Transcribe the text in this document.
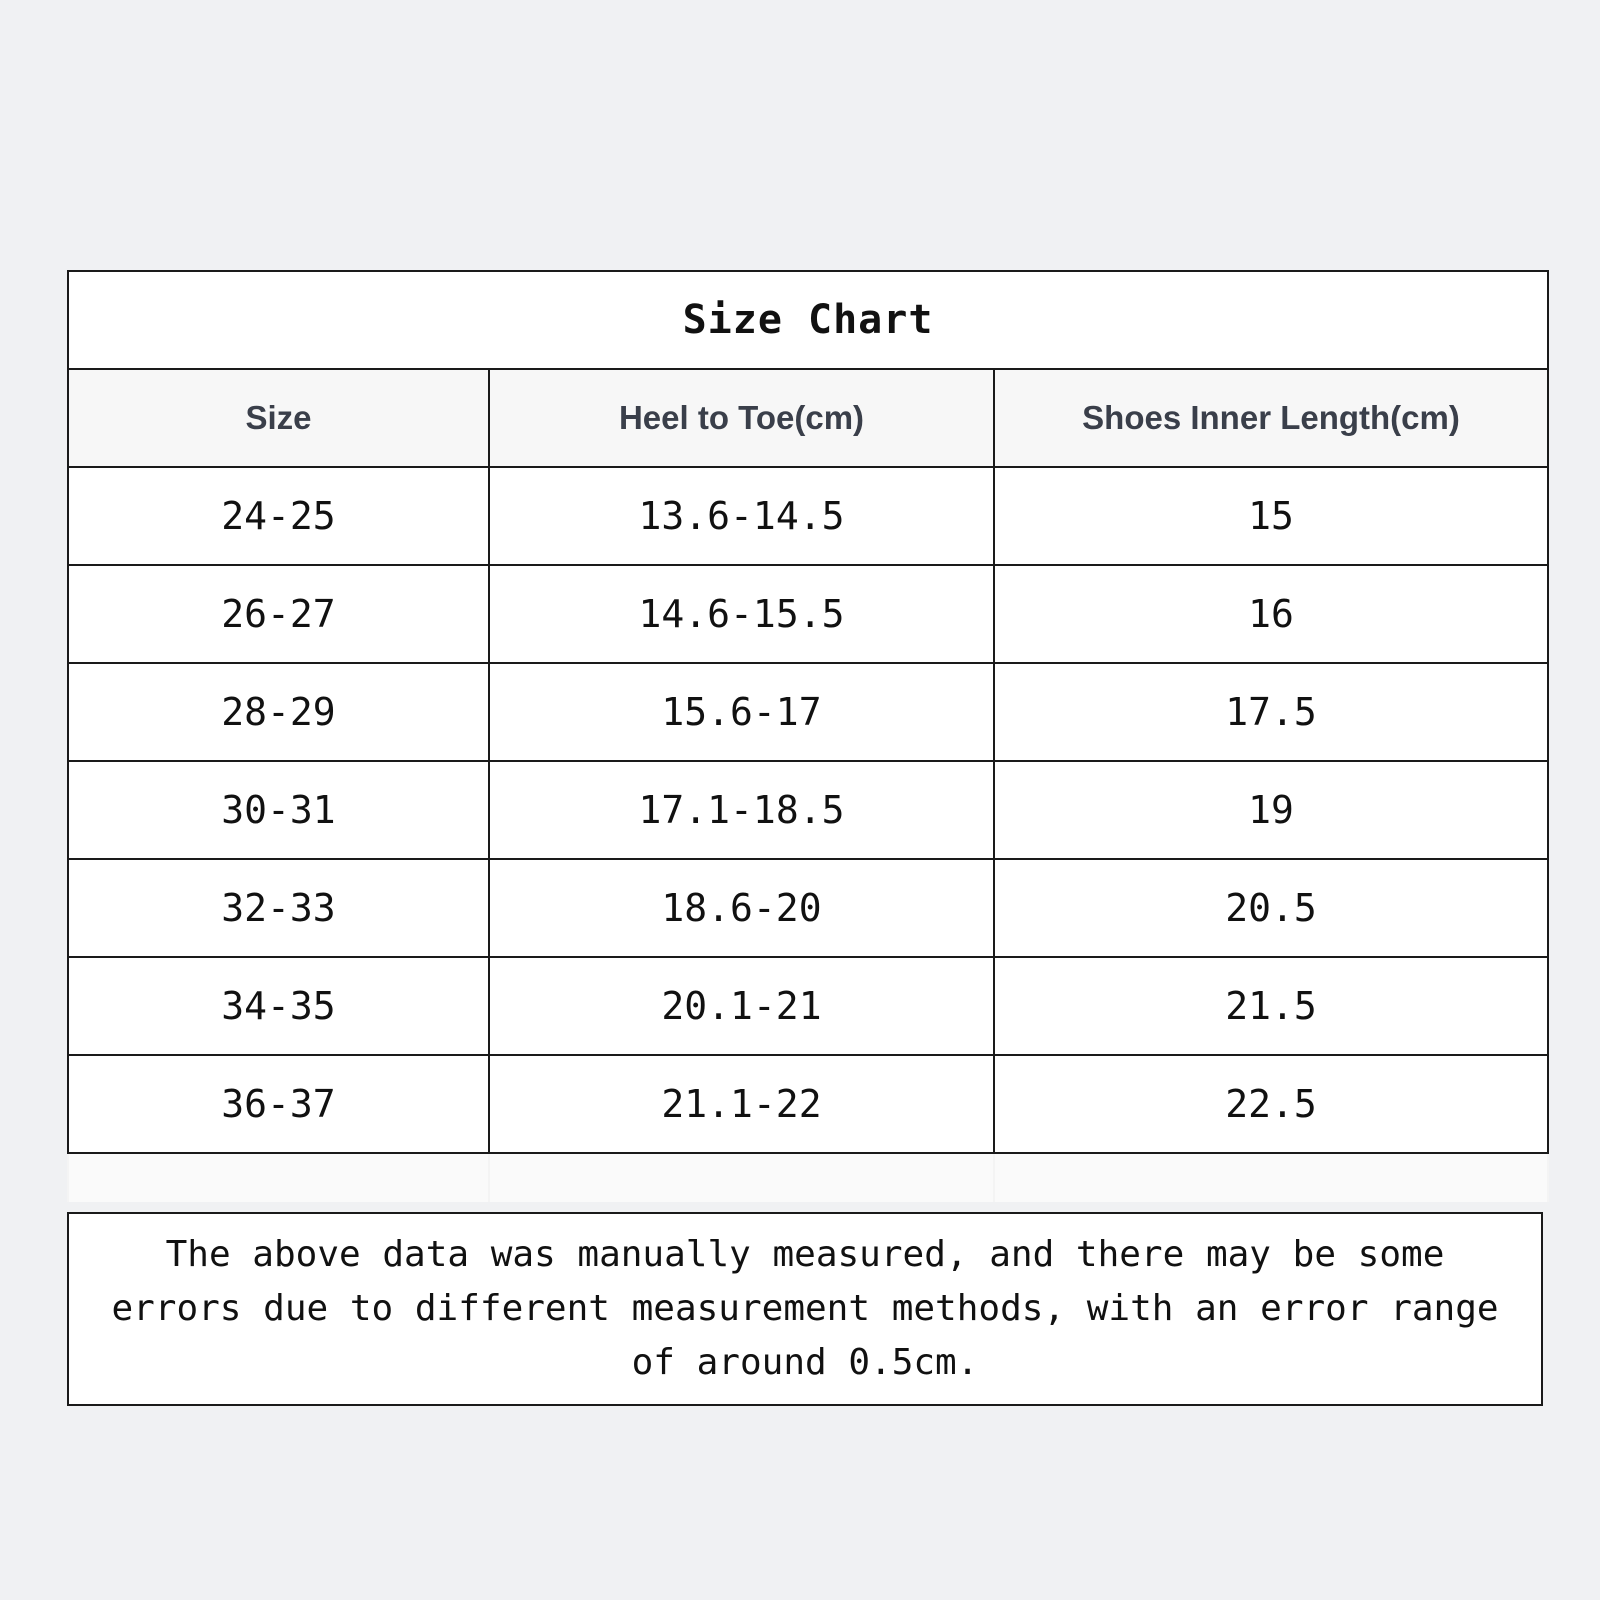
Size Chart		
Size	Heel to Toe(cm)	Shoes Inner Length(cm)
24-25	13.6-14.5	15
26-27	14.6-15.5	16
28-29	15.6-17	17.5
30-31	17.1-18.5	19
32-33	18.6-20	20.5
34-35	20.1-21	21.5
36-37	21.1-22	22.5

The above data was manually measured, and there may be some errors due to different measurement methods, with an error range of around 0.5cm.
